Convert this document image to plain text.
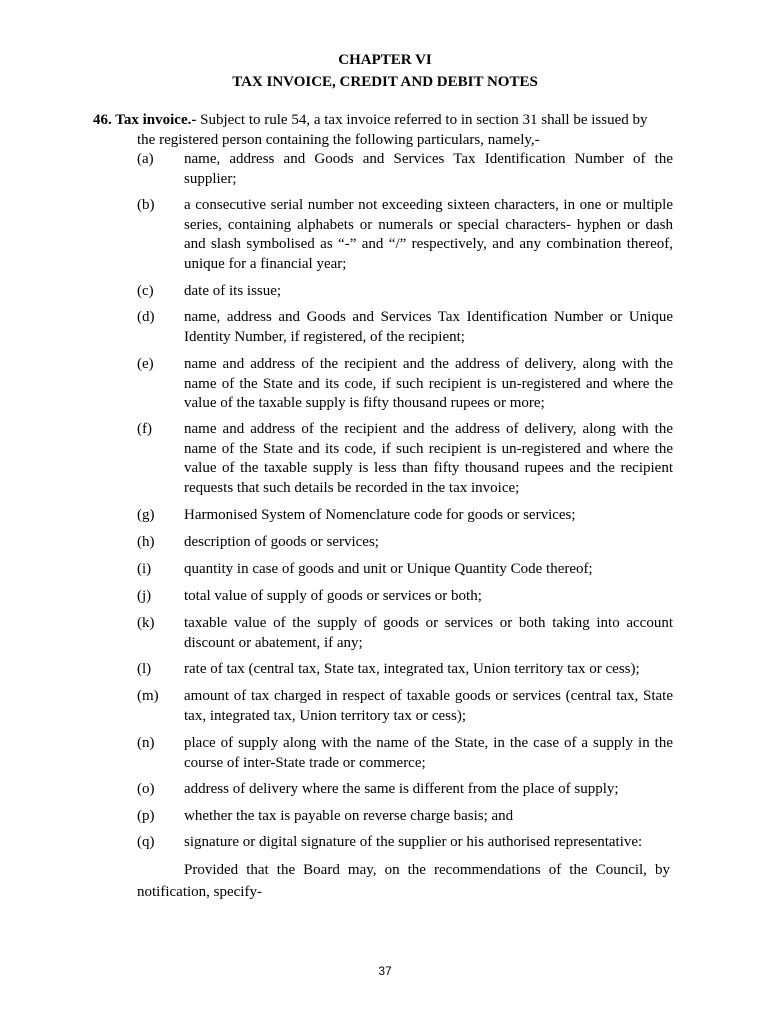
CHAPTER VI
TAX INVOICE, CREDIT AND DEBIT NOTES
46. Tax invoice.- Subject to rule 54, a tax invoice referred to in section 31 shall be issued by
the registered person containing the following particulars, namely,-
(a) name, address and Goods and Services Tax Identification Number of the supplier;
(b) a consecutive serial number not exceeding sixteen characters, in one or multiple series, containing alphabets or numerals or special characters- hyphen or dash and slash symbolised as “-” and “/” respectively, and any combination thereof, unique for a financial year;
(c) date of its issue;
(d) name, address and Goods and Services Tax Identification Number or Unique Identity Number, if registered, of the recipient;
(e) name and address of the recipient and the address of delivery, along with the name of the State and its code, if such recipient is un-registered and where the value of the taxable supply is fifty thousand rupees or more;
(f) name and address of the recipient and the address of delivery, along with the name of the State and its code, if such recipient is un-registered and where the value of the taxable supply is less than fifty thousand rupees and the recipient requests that such details be recorded in the tax invoice;
(g) Harmonised System of Nomenclature code for goods or services;
(h) description of goods or services;
(i) quantity in case of goods and unit or Unique Quantity Code thereof;
(j) total value of supply of goods or services or both;
(k) taxable value of the supply of goods or services or both taking into account discount or abatement, if any;
(l) rate of tax (central tax, State tax, integrated tax, Union territory tax or cess);
(m) amount of tax charged in respect of taxable goods or services (central tax, State tax, integrated tax, Union territory tax or cess);
(n) place of supply along with the name of the State, in the case of a supply in the course of inter-State trade or commerce;
(o) address of delivery where the same is different from the place of supply;
(p) whether the tax is payable on reverse charge basis; and
(q) signature or digital signature of the supplier or his authorised representative:
Provided that the Board may, on the recommendations of the Council, by notification, specify-
37
